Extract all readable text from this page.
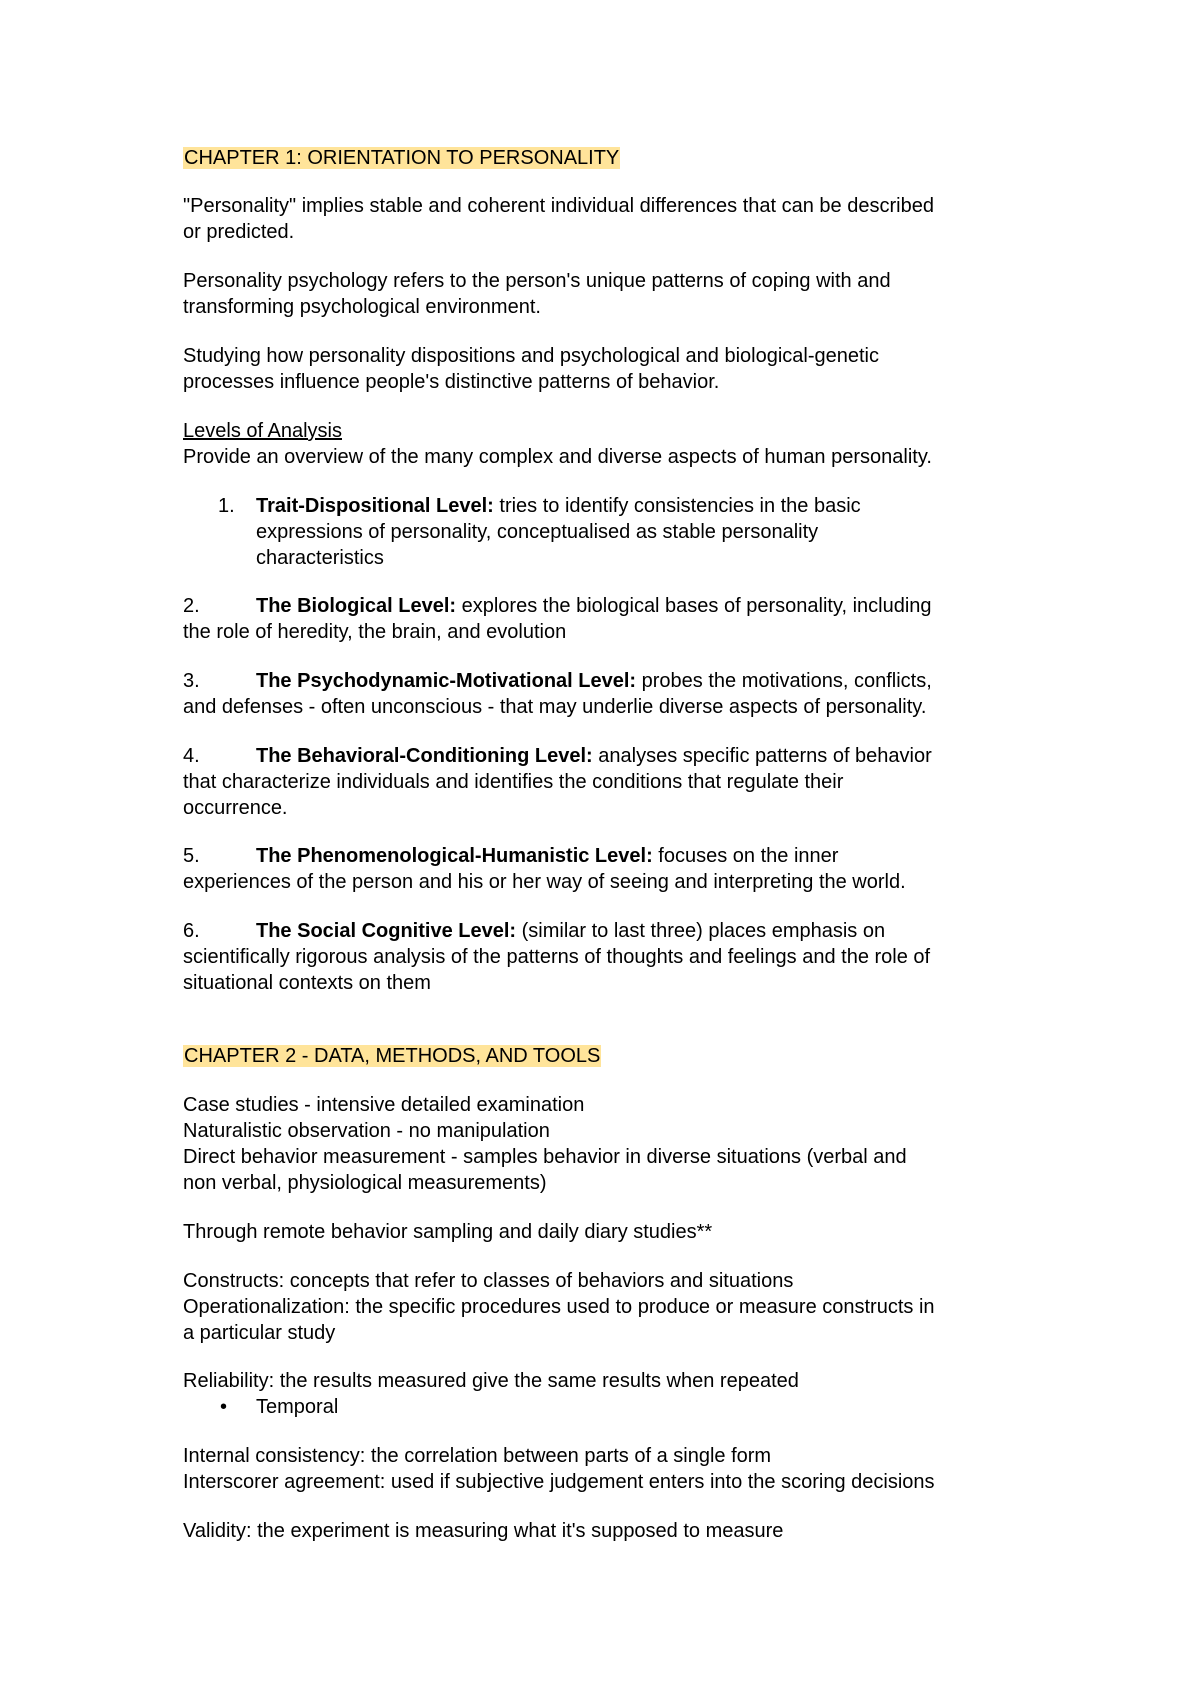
CHAPTER 1: ORIENTATION TO PERSONALITY

"Personality" implies stable and coherent individual differences that can be described

or predicted.

Personality psychology refers to the person's unique patterns of coping with and

transforming psychological environment.

Studying how personality dispositions and psychological and biological-genetic

processes influence people's distinctive patterns of behavior.

Levels of Analysis

Provide an overview of the many complex and diverse aspects of human personality.

1. Trait-Dispositional Level: tries to identify consistencies in the basic

expressions of personality, conceptualised as stable personality

characteristics

2.	The Biological Level: explores the biological bases of personality, including

the role of heredity, the brain, and evolution

3.	The Psychodynamic-Motivational Level: probes the motivations, conflicts,

and defenses - often unconscious - that may underlie diverse aspects of personality.

4.	The Behavioral-Conditioning Level: analyses specific patterns of behavior

that characterize individuals and identifies the conditions that regulate their

occurrence.

5.	The Phenomenological-Humanistic Level: focuses on the inner

experiences of the person and his or her way of seeing and interpreting the world.

6.	The Social Cognitive Level: (similar to last three) places emphasis on

scientifically rigorous analysis of the patterns of thoughts and feelings and the role of

situational contexts on them

CHAPTER 2 - DATA, METHODS, AND TOOLS

Case studies - intensive detailed examination

Naturalistic observation - no manipulation

Direct behavior measurement - samples behavior in diverse situations (verbal and

non verbal, physiological measurements)

Through remote behavior sampling and daily diary studies**

Constructs: concepts that refer to classes of behaviors and situations

Operationalization: the specific procedures used to produce or measure constructs in

a particular study

Reliability: the results measured give the same results when repeated

• Temporal

Internal consistency: the correlation between parts of a single form

Interscorer agreement: used if subjective judgement enters into the scoring decisions

Validity: the experiment is measuring what it's supposed to measure
